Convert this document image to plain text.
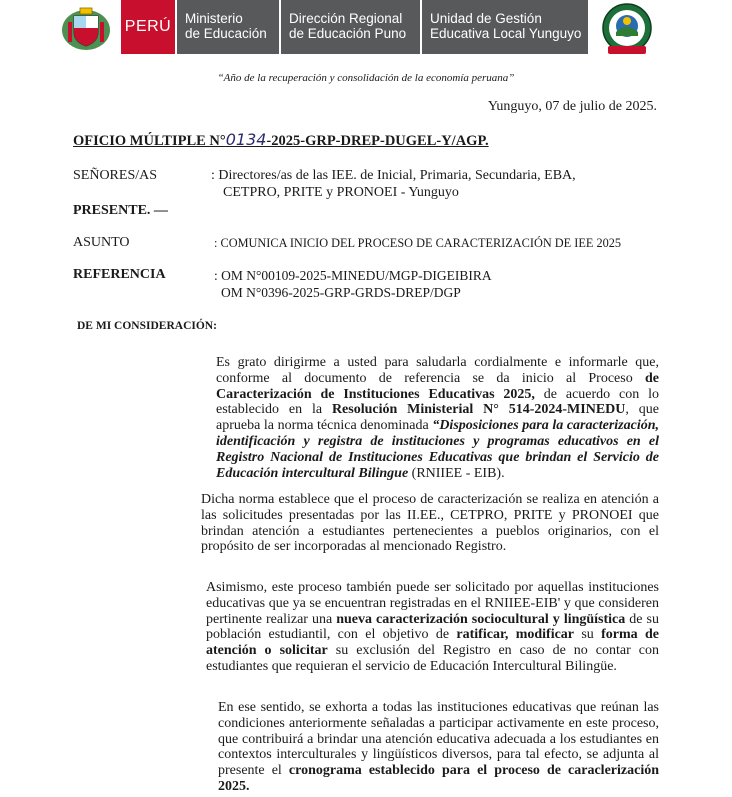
PERÚ Ministerio
de Educación
Dirección Regional
de Educación Puno
Unidad de Gestión
Educativa Local Yunguyo
“Año de la recuperación y consolidación de la economía peruana”
Yunguyo, 07 de julio de 2025.
OFICIO MÚLTIPLE N°0134-2025-GRP-DREP-DUGEL-Y/AGP.
SEÑORES/AS	: Directores/as de las IEE. de Inicial, Primaria, Secundaria, EBA,
CETPRO, PRITE y PRONOEI - Yunguyo
PRESENTE. —
ASUNTO	: COMUNICA INICIO DEL PROCESO DE CARACTERIZACIÓN DE IEE 2025
REFERENCIA	: OM N°00109-2025-MINEDU/MGP-DIGEIBIRA
OM N°0396-2025-GRP-GRDS-DREP/DGP
DE MI CONSIDERACIÓN:

Es grato dirigirme a usted para saludarla cordialmente e informarle que, conforme al documento de referencia se da inicio al Proceso de Caracterización de Instituciones Educativas 2025, de acuerdo con lo establecido en la Resolución Ministerial N° 514-2024-MINEDU, que aprueba la norma técnica denominada “Disposiciones para la caracterización, identificación y registra de instituciones y programas educativos en el Registro Nacional de Instituciones Educativas que brindan el Servicio de Educación intercultural Bilingue (RNIIEE - EIB).

Dicha norma establece que el proceso de caracterización se realiza en atención a las solicitudes presentadas por las II.EE., CETPRO, PRITE y PRONOEI que brindan atención a estudiantes pertenecientes a pueblos originarios, con el propósito de ser incorporadas al mencionado Registro.

Asimismo, este proceso también puede ser solicitado por aquellas instituciones educativas que ya se encuentran registradas en el RNIIEE-EIB' y que consideren pertinente realizar una nueva caracterización sociocultural y lingüística de su población estudiantil, con el objetivo de ratificar, modificar su forma de atención o solicitar su exclusión del Registro en caso de no contar con estudiantes que requieran el servicio de Educación Intercultural Bilingüe.

En ese sentido, se exhorta a todas las instituciones educativas que reúnan las condiciones anteriormente señaladas a participar activamente en este proceso, que contribuirá a brindar una atención educativa adecuada a los estudiantes en contextos interculturales y lingüísticos diversos, para tal efecto, se adjunta al presente el cronograma establecido para el proceso de caraclerización 2025.
